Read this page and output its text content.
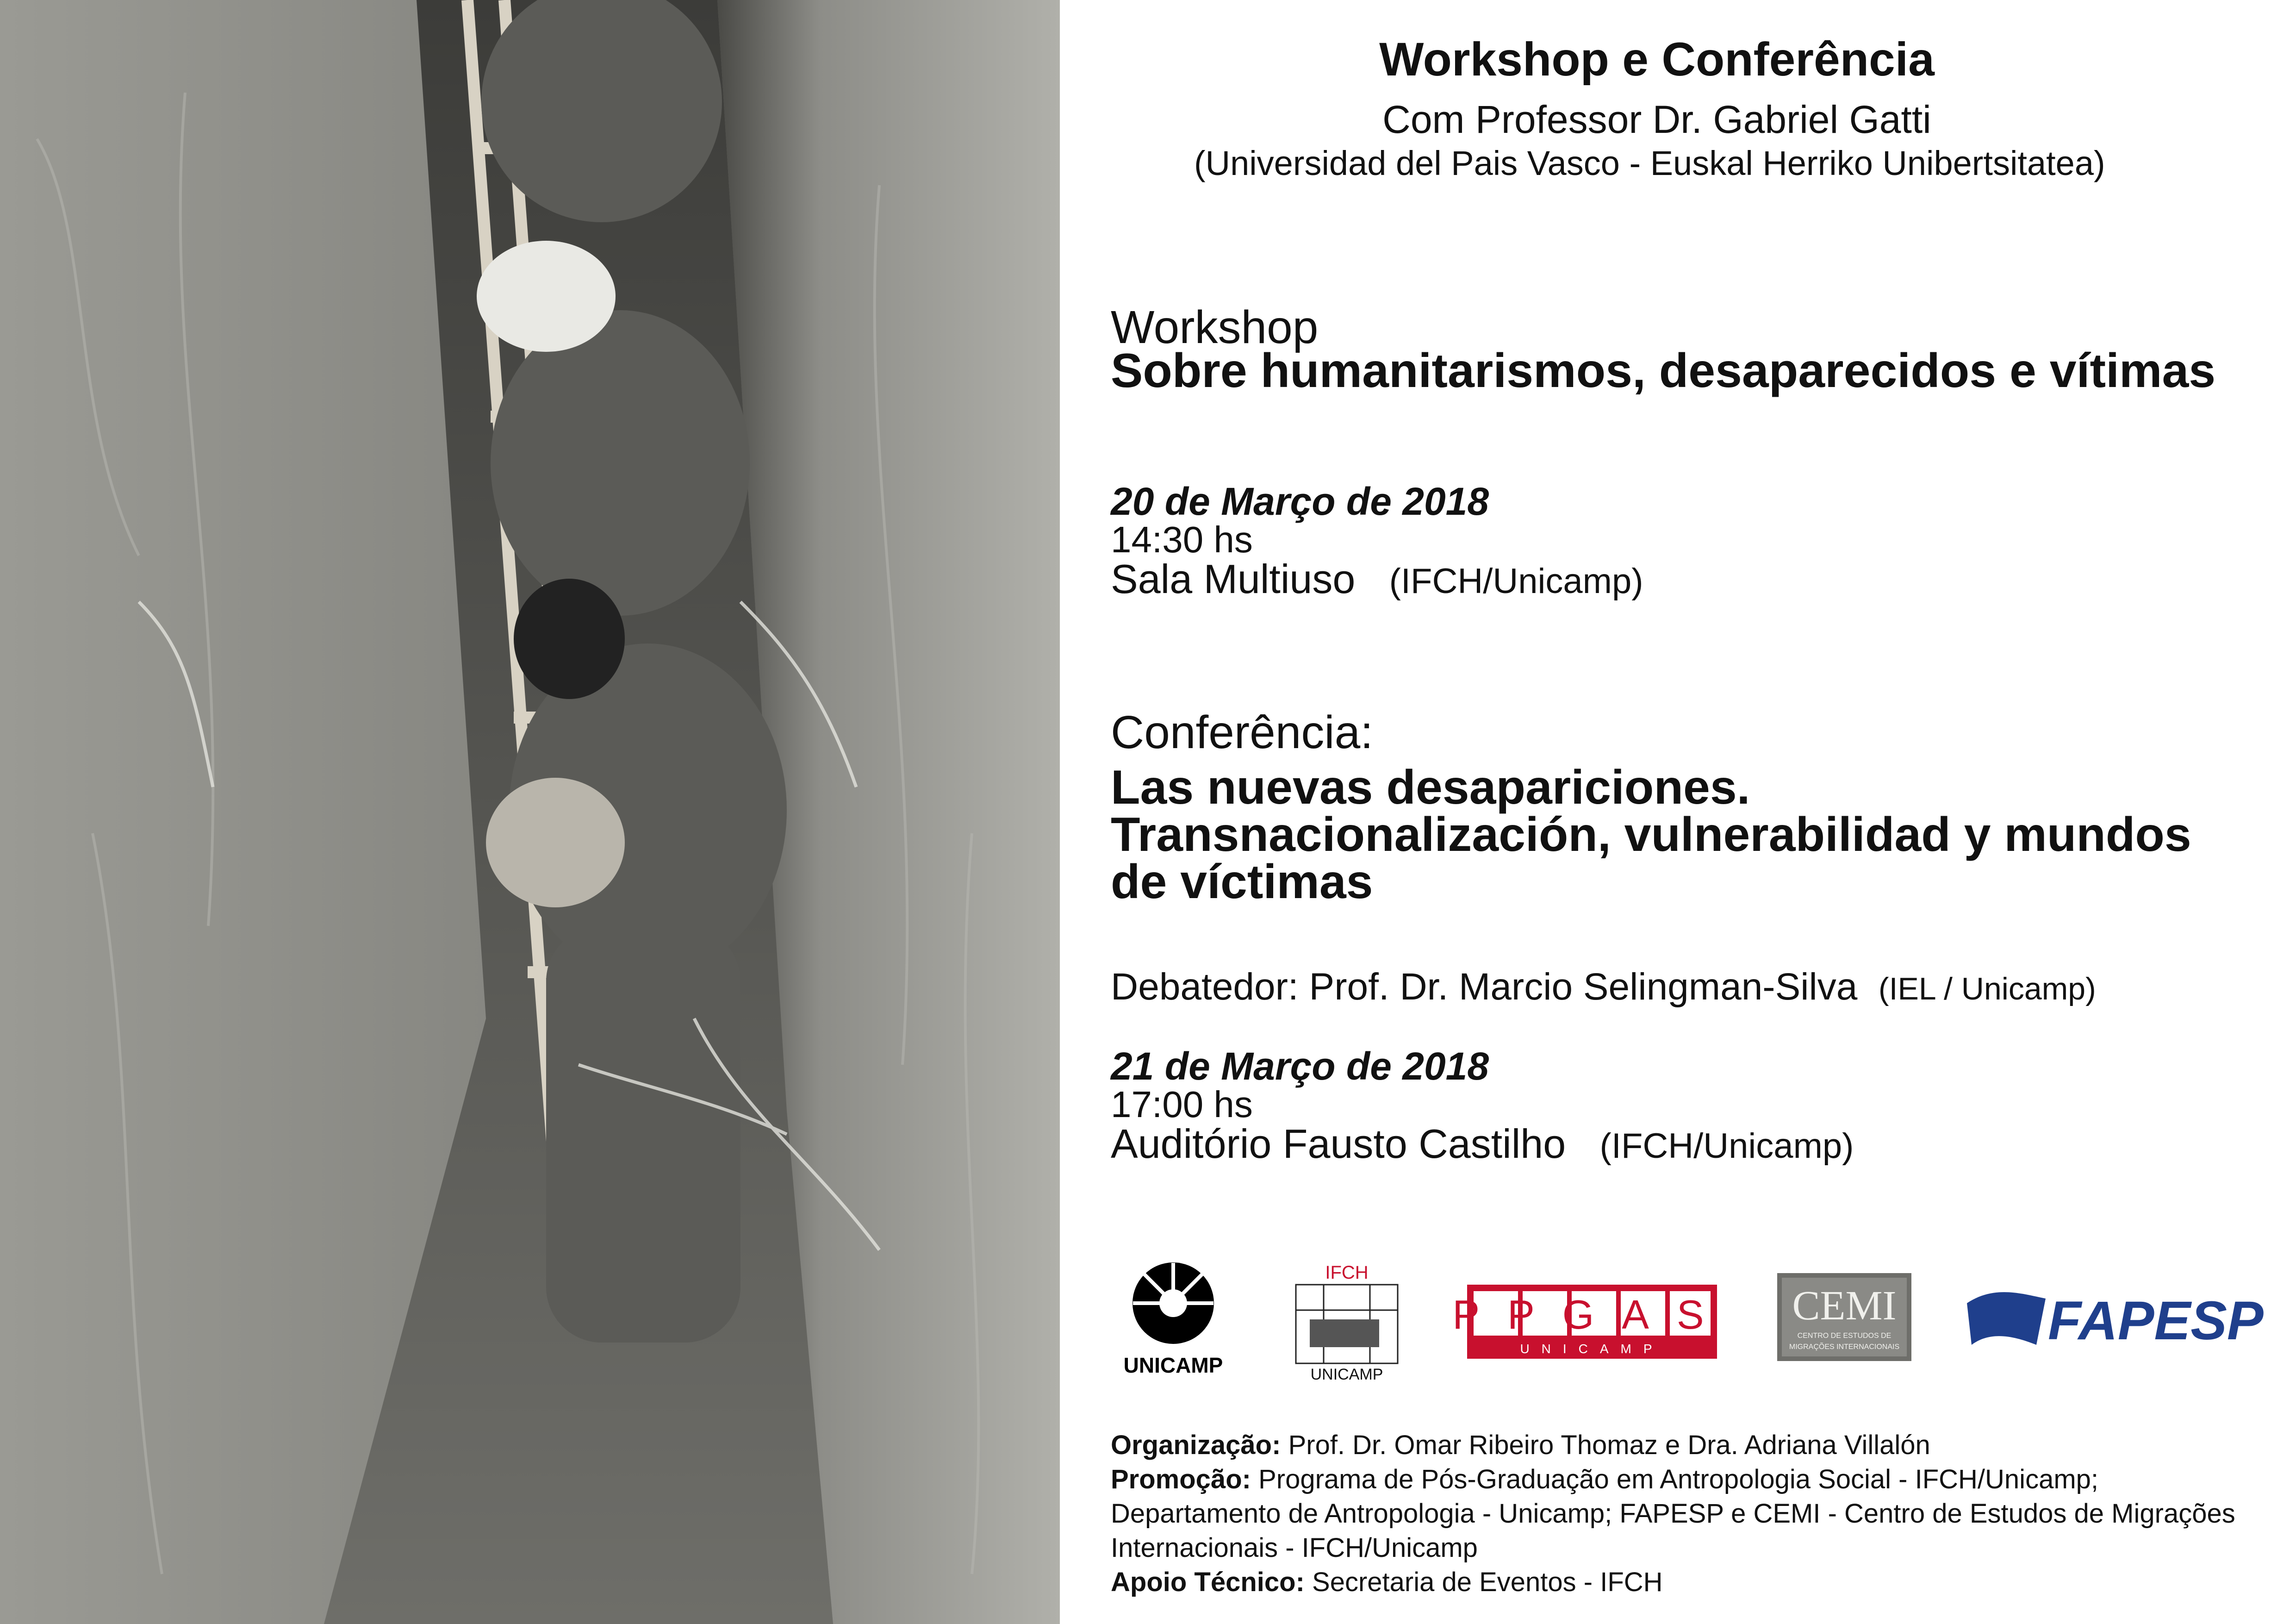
Workshop e Conferência
Com Professor Dr. Gabriel Gatti
(Universidad del Pais Vasco - Euskal Herriko Unibertsitatea)
Workshop
Sobre humanitarismos, desaparecidos e vítimas
20 de Março de 2018
14:30 hs
Sala Multiuso (IFCH/Unicamp)
Conferência:
Las nuevas desapariciones. Transnacionalización, vulnerabilidad y mundos de víctimas
Debatedor: Prof. Dr. Marcio Selingman-Silva (IEL / Unicamp)
21 de Março de 2018
17:00 hs
Auditório Fausto Castilho (IFCH/Unicamp)
UNICAMP
IFCH
UNICAMP
PPGAS
UNICAMP
CEMI
CENTRO DE ESTUDOS DE
MIGRAÇÕES INTERNACIONAIS	FAPESP
Organização: Prof. Dr. Omar Ribeiro Thomaz e Dra. Adriana Villalón
Promoção: Programa de Pós-Graduação em Antropologia Social - IFCH/Unicamp; Departamento de Antropologia - Unicamp; FAPESP e CEMI - Centro de Estudos de Migrações Internacionais - IFCH/Unicamp
Apoio Técnico: Secretaria de Eventos - IFCH
